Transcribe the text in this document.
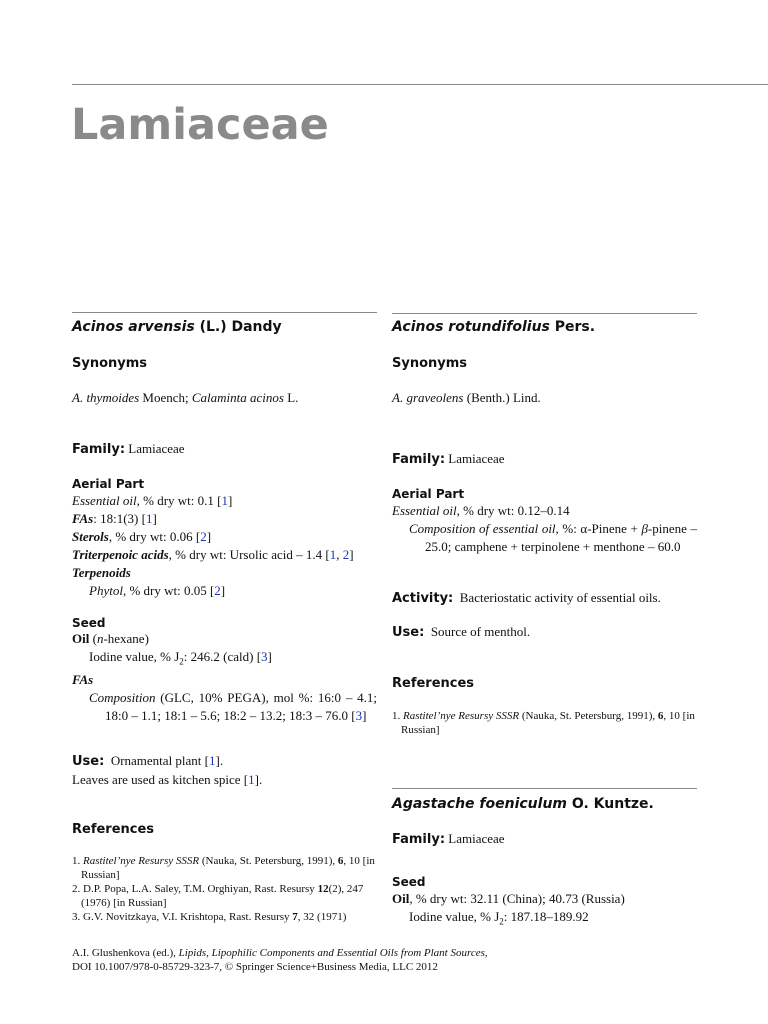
Lamiaceae
Acinos arvensis (L.) Dandy
Synonyms
A. thymoides Moench; Calaminta acinos L.
Family: Lamiaceae
Aerial Part
Essential oil, % dry wt: 0.1 [1]
FAs: 18:1(3) [1]
Sterols, % dry wt: 0.06 [2]
Triterpenoic acids, % dry wt: Ursolic acid – 1.4 [1, 2]
Terpenoids
Phytol, % dry wt: 0.05 [2]
Seed
Oil (n-hexane)
Iodine value, % $J_2$: 246.2 (cald) [3]
FAs
Composition (GLC, 10% PEGA), mol %: 16:0 – 4.1; 18:0 – 1.1; 18:1 – 5.6; 18:2 – 13.2; 18:3 – 76.0 [3]
Use: Ornamental plant [1].
Leaves are used as kitchen spice [1].
References
1. Rastitel’nye Resursy SSSR (Nauka, St. Petersburg, 1991), 6, 10 [in Russian]
2. D.P. Popa, L.A. Saley, T.M. Orghiyan, Rast. Resursy 12(2), 247 (1976) [in Russian]
3. G.V. Novitzkaya, V.I. Krishtopa, Rast. Resursy 7, 32 (1971)
Acinos rotundifolius Pers.
Synonyms
A. graveolens (Benth.) Lind.
Family: Lamiaceae
Aerial Part
Essential oil, % dry wt: 0.12–0.14
Composition of essential oil, %: α-Pinene + β-pinene – 25.0; camphene + terpinolene + menthone – 60.0
Activity: Bacteriostatic activity of essential oils.
Use: Source of menthol.
References
1. Rastitel’nye Resursy SSSR (Nauka, St. Petersburg, 1991), 6, 10 [in Russian]
Agastache foeniculum O. Kuntze.
Family: Lamiaceae
Seed
Oil, % dry wt: 32.11 (China); 40.73 (Russia)
Iodine value, % $J_2$: 187.18–189.92
A.I. Glushenkova (ed.), Lipids, Lipophilic Components and Essential Oils from Plant Sources,
DOI 10.1007/978-0-85729-323-7, © Springer Science+Business Media, LLC 2012
